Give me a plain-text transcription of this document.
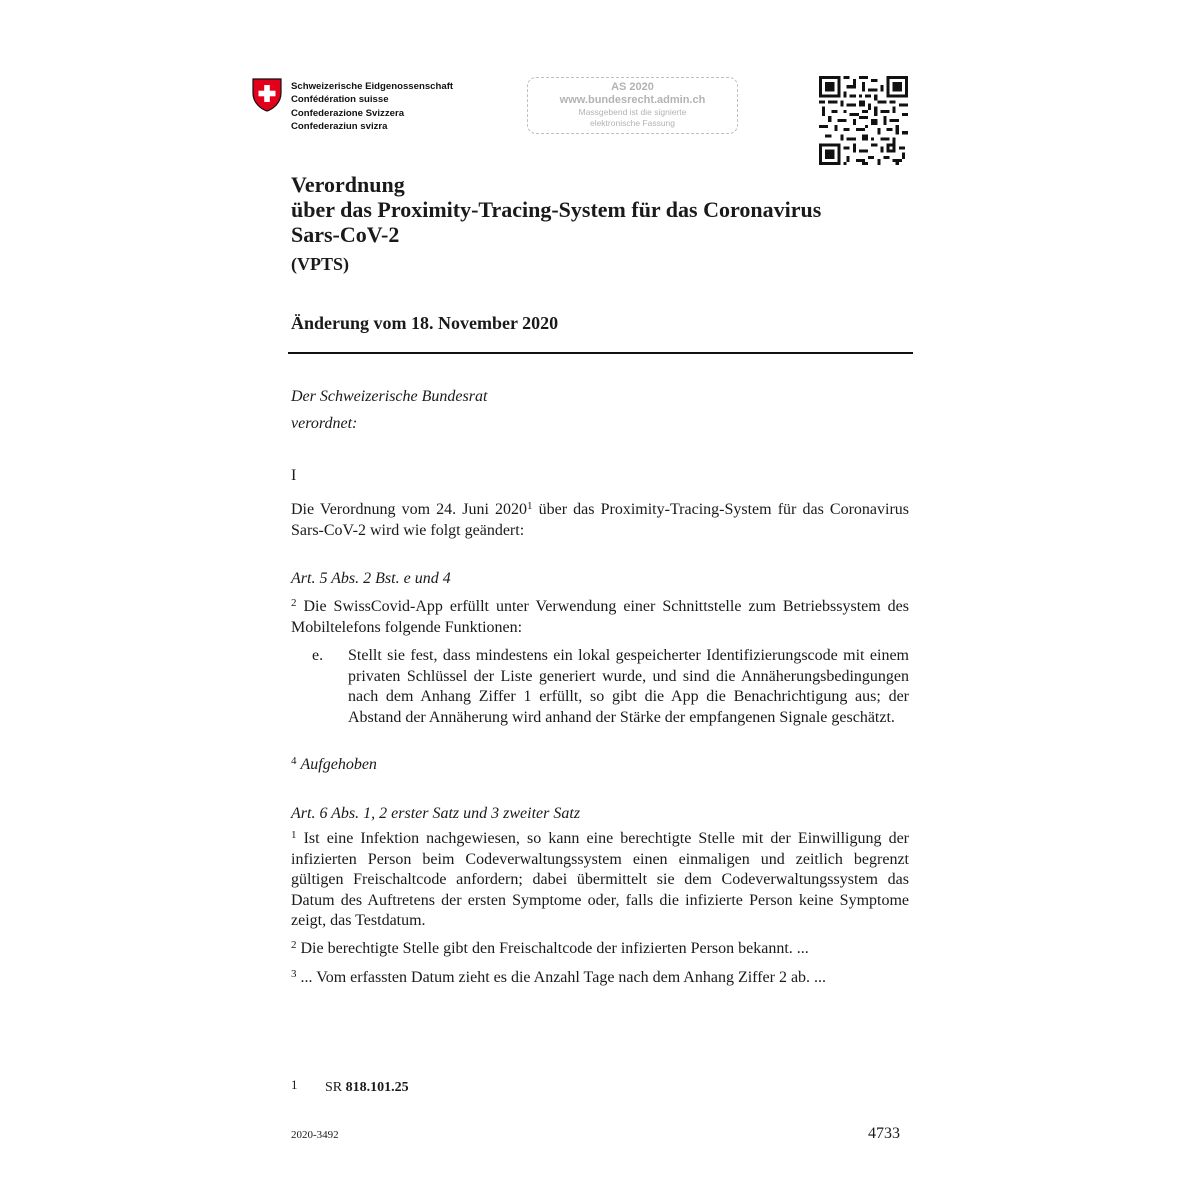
Schweizerische Eidgenossenschaft
Confédération suisse
Confederazione Svizzera
Confederaziun svizra
AS 2020
www.bundesrecht.admin.ch
Massgebend ist die signierte
elektronische Fassung
Verordnung
über das Proximity-Tracing-System für das Coronavirus
Sars-CoV-2
(VPTS)
Änderung vom 18. November 2020
Der Schweizerische Bundesrat
verordnet:
I
Die Verordnung vom 24. Juni 2020$^1$ über das Proximity-Tracing-System für das Coronavirus Sars-CoV-2 wird wie folgt geändert:
Art. 5 Abs. 2 Bst. e und 4
$^2$ Die SwissCovid-App erfüllt unter Verwendung einer Schnittstelle zum Betriebssystem des Mobiltelefons folgende Funktionen:
e. Stellt sie fest, dass mindestens ein lokal gespeicherter Identifizierungscode mit einem privaten Schlüssel der Liste generiert wurde, und sind die Annäherungsbedingungen nach dem Anhang Ziffer 1 erfüllt, so gibt die App die Benachrichtigung aus; der Abstand der Annäherung wird anhand der Stärke der empfangenen Signale geschätzt.
$^4$ Aufgehoben
Art. 6 Abs. 1, 2 erster Satz und 3 zweiter Satz
$^1$ Ist eine Infektion nachgewiesen, so kann eine berechtigte Stelle mit der Einwilligung der infizierten Person beim Codeverwaltungssystem einen einmaligen und zeitlich begrenzt gültigen Freischaltcode anfordern; dabei übermittelt sie dem Codeverwaltungssystem das Datum des Auftretens der ersten Symptome oder, falls die infizierte Person keine Symptome zeigt, das Testdatum.
$^2$ Die berechtigte Stelle gibt den Freischaltcode der infizierten Person bekannt. ...
$^3$ ... Vom erfassten Datum zieht es die Anzahl Tage nach dem Anhang Ziffer 2 ab. ...
1 SR 818.101.25
2020-3492	4733
